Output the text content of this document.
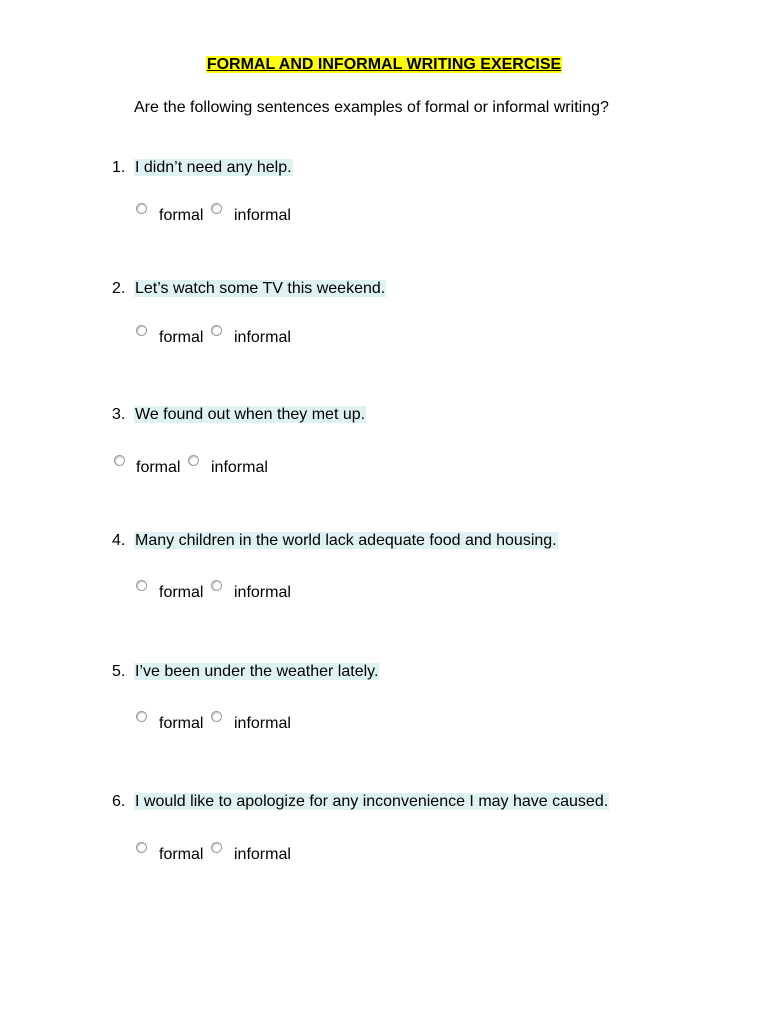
FORMAL AND INFORMAL WRITING EXERCISE
Are the following sentences examples of formal or informal writing?
1. I didn’t need any help.
formal informal
2. Let’s watch some TV this weekend.
formal informal
3. We found out when they met up.
formal informal
4. Many children in the world lack adequate food and housing.
formal informal
5. I’ve been under the weather lately.
formal informal
6. I would like to apologize for any inconvenience I may have caused.
formal informal
